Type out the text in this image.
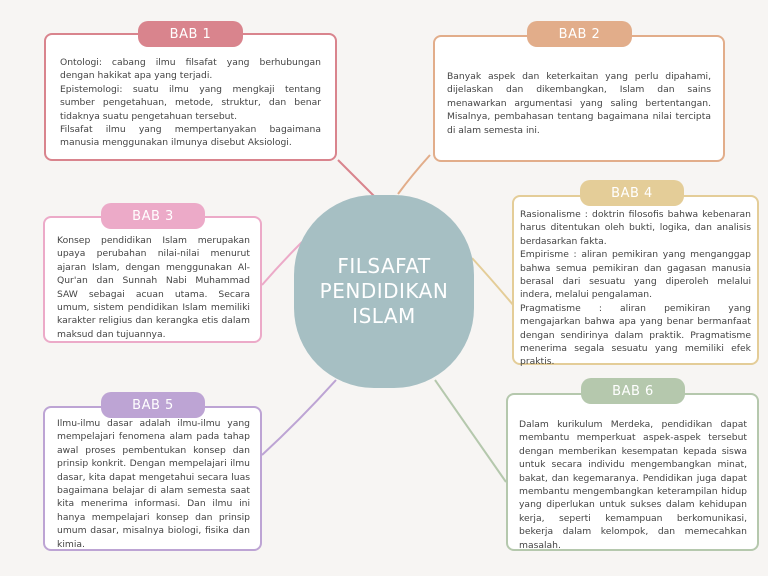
FILSAFAT
PENDIDIKAN
ISLAM

Ontologi: cabang ilmu filsafat yang berhubungan dengan hakikat apa yang terjadi.
Epistemologi: suatu ilmu yang mengkaji tentang sumber pengetahuan, metode, struktur, dan benar tidaknya suatu pengetahuan tersebut.
Filsafat ilmu yang mempertanyakan bagaimana manusia menggunakan ilmunya disebut Aksiologi.

BAB 1

Banyak aspek dan keterkaitan yang perlu dipahami, dijelaskan dan dikembangkan, Islam dan sains menawarkan argumentasi yang saling bertentangan. Misalnya, pembahasan tentang bagaimana nilai tercipta di alam semesta ini.

BAB 2

Konsep pendidikan Islam merupakan upaya perubahan nilai-nilai menurut ajaran Islam, dengan menggunakan Al-Qur'an dan Sunnah Nabi Muhammad SAW sebagai acuan utama. Secara umum, sistem pendidikan Islam memiliki karakter religius dan kerangka etis dalam maksud dan tujuannya.

BAB 3	Rasionalisme : doktrin filosofis bahwa kebenaran harus ditentukan oleh bukti, logika, dan analisis berdasarkan fakta.
Empirisme : aliran pemikiran yang menganggap bahwa semua pemikiran dan gagasan manusia berasal dari sesuatu yang diperoleh melalui indera, melalui pengalaman.
Pragmatisme : aliran pemikiran yang mengajarkan bahwa apa yang benar bermanfaat dengan sendirinya dalam praktik. Pragmatisme menerima segala sesuatu yang memiliki efek praktis.

BAB 4

Ilmu-ilmu dasar adalah ilmu-ilmu yang mempelajari fenomena alam pada tahap awal proses pembentukan konsep dan prinsip konkrit. Dengan mempelajari ilmu dasar, kita dapat mengetahui secara luas bagaimana belajar di alam semesta saat kita menerima informasi. Dan ilmu ini hanya mempelajari konsep dan prinsip umum dasar, misalnya biologi, fisika dan kimia.

BAB 5

Dalam kurikulum Merdeka, pendidikan dapat membantu memperkuat aspek-aspek tersebut dengan memberikan kesempatan kepada siswa untuk secara individu mengembangkan minat, bakat, dan kegemaranya. Pendidikan juga dapat membantu mengembangkan keterampilan hidup yang diperlukan untuk sukses dalam kehidupan kerja, seperti kemampuan berkomunikasi, bekerja dalam kelompok, dan memecahkan masalah.

BAB 6
